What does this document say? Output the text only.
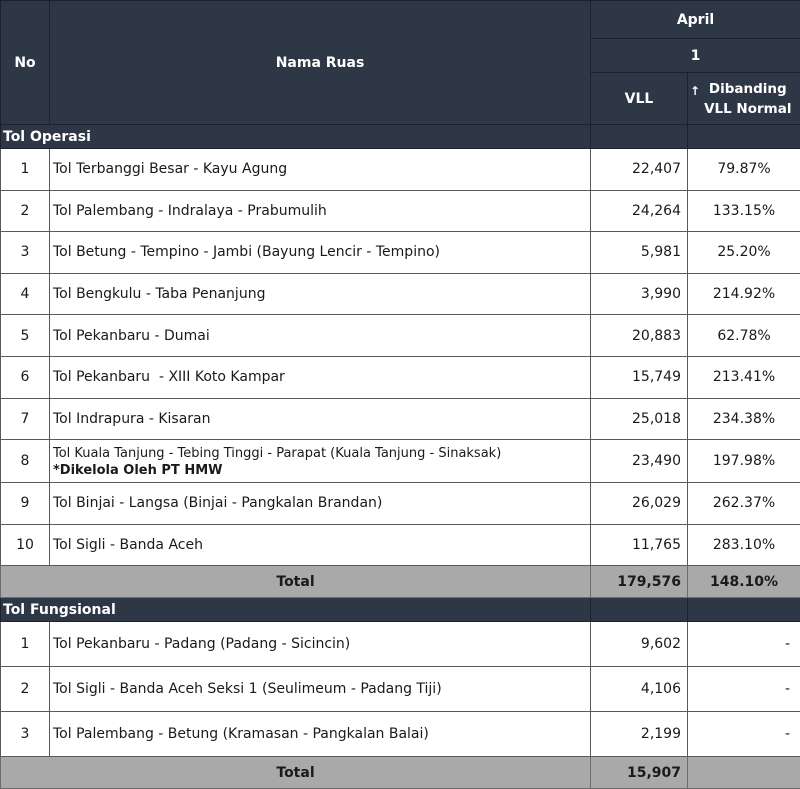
No	Nama Ruas	April	
		1	
		VLL	↑ Dibanding
VLL Normal
Tol Operasi			
1	Tol Terbanggi Besar - Kayu Agung	22,407	79.87%
2	Tol Palembang - Indralaya - Prabumulih	24,264	133.15%
3	Tol Betung - Tempino - Jambi (Bayung Lencir - Tempino)	5,981	25.20%
4	Tol Bengkulu - Taba Penanjung	3,990	214.92%
5	Tol Pekanbaru - Dumai	20,883	62.78%
6	Tol Pekanbaru  - XIII Koto Kampar	15,749	213.41%
7	Tol Indrapura - Kisaran	25,018	234.38%
8	Tol Kuala Tanjung - Tebing Tinggi - Parapat (Kuala Tanjung - Sinaksak)
*Dikelola Oleh PT HMW	23,490	197.98%
9	Tol Binjai - Langsa (Binjai - Pangkalan Brandan)	26,029	262.37%
10	Tol Sigli - Banda Aceh	11,765	283.10%
Total		179,576	148.10%
Tol Fungsional			
1	Tol Pekanbaru - Padang (Padang - Sicincin)	9,602	-
2	Tol Sigli - Banda Aceh Seksi 1 (Seulimeum - Padang Tiji)	4,106	-
3	Tol Palembang - Betung (Kramasan - Pangkalan Balai)	2,199	-
Total		15,907	
